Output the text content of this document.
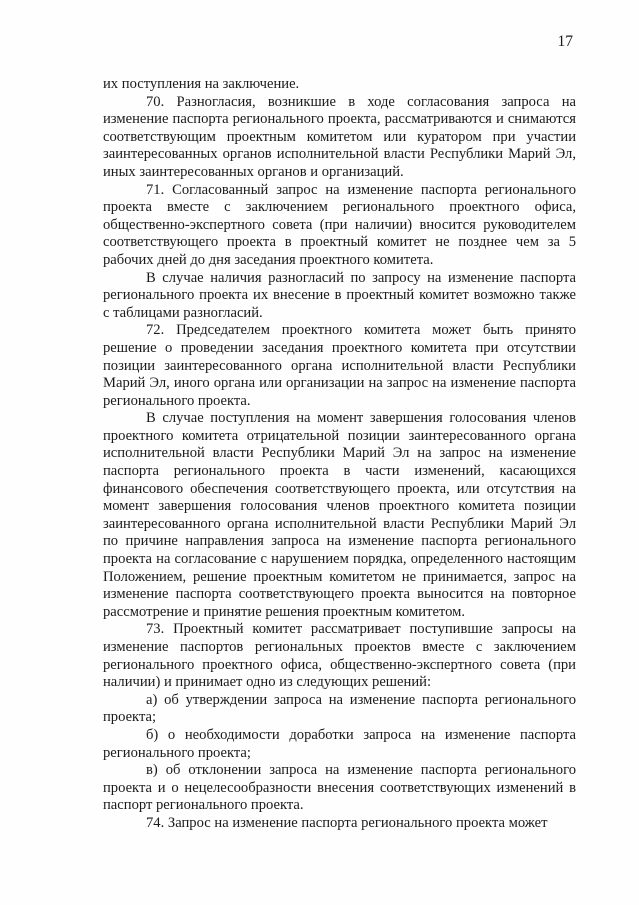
17

их поступления на заключение.

70. Разногласия, возникшие в ходе согласования запроса на изменение паспорта регионального проекта, рассматриваются и снимаются соответствующим проектным комитетом или куратором при участии заинтересованных органов исполнительной власти Республики Марий Эл, иных заинтересованных органов и организаций.

71. Согласованный запрос на изменение паспорта регионального проекта вместе с заключением регионального проектного офиса, общественно-экспертного совета (при наличии) вносится руководителем соответствующего проекта в проектный комитет не позднее чем за 5 рабочих дней до дня заседания проектного комитета.

В случае наличия разногласий по запросу на изменение паспорта регионального проекта их внесение в проектный комитет возможно также с таблицами разногласий.

72. Председателем проектного комитета может быть принято решение о проведении заседания проектного комитета при отсутствии позиции заинтересованного органа исполнительной власти Республики Марий Эл, иного органа или организации на запрос на изменение паспорта регионального проекта.

В случае поступления на момент завершения голосования членов проектного комитета отрицательной позиции заинтересованного органа исполнительной власти Республики Марий Эл на запрос на изменение паспорта регионального проекта в части изменений, касающихся финансового обеспечения соответствующего проекта, или отсутствия на момент завершения голосования членов проектного комитета позиции заинтересованного органа исполнительной власти Республики Марий Эл по причине направления запроса на изменение паспорта регионального проекта на согласование с нарушением порядка, определенного настоящим Положением, решение проектным комитетом не принимается, запрос на изменение паспорта соответствующего проекта выносится на повторное рассмотрение и принятие решения проектным комитетом.

73. Проектный комитет рассматривает поступившие запросы на изменение паспортов региональных проектов вместе с заключением регионального проектного офиса, общественно-экспертного совета (при наличии) и принимает одно из следующих решений:

а) об утверждении запроса на изменение паспорта регионального проекта;

б) о необходимости доработки запроса на изменение паспорта регионального проекта;

в) об отклонении запроса на изменение паспорта регионального проекта и о нецелесообразности внесения соответствующих изменений в паспорт регионального проекта.

74. Запрос на изменение паспорта регионального проекта может
